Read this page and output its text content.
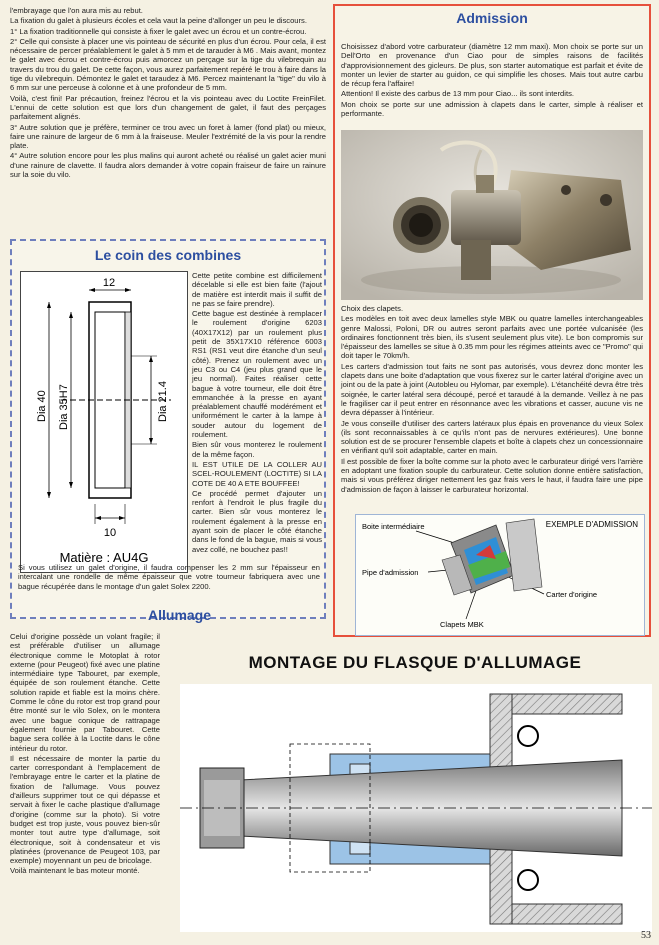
l'embrayage que l'on aura mis au rebut.

La fixation du galet à plusieurs écoles et cela vaut la peine d'allonger un peu le discours.

1° La fixation traditionnelle qui consiste à fixer le galet avec un écrou et un contre-écrou.

2° Celle qui consiste à placer une vis pointeau de sécurité en plus d'un écrou. Pour cela, il est nécessaire de percer préalablement le galet à 5 mm et de tarauder à M6 . Mais avant, montez le galet avec écrou et contre-écrou puis amorcez un perçage sur la tige du vilebrequin au travers du trou du galet. De cette façon, vous aurez parfaitement repéré le trou à faire dans la tige du vilebrequin. Démontez le galet et taraudez à M6. Percez maintenant la "tige" du vilo à 6 mm sur une perceuse à colonne et à une profondeur de 5 mm.

Voilà, c'est fini! Par précaution, freinez l'écrou et la vis pointeau avec du Loctite FreinFilet. L'ennui de cette solution est que lors d'un changement de galet, il faut des perçages parfaitement alignés.

3° Autre solution que je préfère, terminer ce trou avec un foret à lamer (fond plat) ou mieux, faire une rainure de largeur de 6 mm à la fraiseuse. Meuler l'extrémité de la vis pour la rendre plate.

4° Autre solution encore pour les plus malins qui auront acheté ou réalisé un galet acier muni d'une rainure de clavette. Il faudra alors demander à votre copain fraiseur de faire un rainure sur la soie du vilo.

Admission

Choisissez d'abord votre carburateur (diamètre 12 mm maxi). Mon choix se porte sur un Dell'Orto en provenance d'un Ciao pour de simples raisons de facilités d'approvisionnement des gicleurs. De plus, son starter automatique est parfait et évite de monter un levier de starter au guidon, ce qui simplifie les choses. Mais tout autre carbu de récup fera l'affaire!

Attention! Il existe des carbus de 13 mm pour Ciao... ils sont interdits.

Mon choix se porte sur une admission à clapets dans le carter, simple à réaliser et performante.

Choix des clapets.

Les modèles en toit avec deux lamelles style MBK ou quatre lamelles interchangeables genre Malossi, Poloni, DR ou autres seront parfaits avec une portée vulcanisée (les ordinaires fonctionnent très bien, ils s'usent seulement plus vite). Le bon compromis sur l'épaisseur des lamelles se situe à 0.35 mm pour les régimes atteints avec ce "Promo" qui doit taper le 70km/h.

Les carters d'admission tout faits ne sont pas autorisés, vous devrez donc monter les clapets dans une boite d'adaptation que vous fixerez sur le carter latéral d'origine avec un joint ou de la pate à joint (Autobleu ou Hylomar, par exemple). L'étanchéité devra être très soignée, le carter latéral sera découpé, percé et taraudé à la demande. Veillez à ne pas le fragiliser car il peut entrer en résonnance avec les vibrations et casser, aucune vis ne devra dépasser à l'intérieur.

Je vous conseille d'utiliser des carters latéraux plus épais en provenance du vieux Solex (ils sont reconnaissables à ce qu'ils n'ont pas de nervures extérieures). Une bonne solution est de se procurer l'ensemble clapets et boîte à clapets chez un concessionnaire en vérifiant qu'il soit adaptable, carter en main.

Il est possible de fixer la boîte comme sur la photo avec le carburateur dirigé vers l'arrière en adoptant une fixation souple du carburateur. Cette solution donne entière satisfaction, mais si vous préférez diriger nettement les gaz frais vers le haut, il faudra faire une pipe d'admission de façon à laisser le carburateur horizontal.

EXEMPLE D'ADMISSION
Boite intermédiaire
Pipe d'admission
Carter d'origine
Clapets MBK
Le coin des combines
12
Dia 40 Dia 35H7	Dia 21.4
10
Matière : AU4G

Cette petite combine est difficilement décelable si elle est bien faite (l'ajout de matière est interdit mais il suffit de ne pas se faire prendre).

Cette bague est destinée à remplacer le roulement d'origine 6203 (40X17X12) par un roulement plus petit de 35X17X10 référence 6003 RS1 (RS1 veut dire étanche d'un seul côté). Prenez un roulement avec un jeu C3 ou C4 (jeu plus grand que le jeu normal). Faites réaliser cette bague à votre tourneur, elle doit être emmanchée à la presse en ayant préalablement chauffé modérément et uniformément le carter à la lampe à souder autour du logement de roulement.

Bien sûr vous monterez le roulement de la même façon.

IL EST UTILE DE LA COLLER AU SCEL-ROULEMENT (LOCTITE) SI LA COTE DE 40 A ETE BOUFFEE!

Ce procédé permet d'ajouter un renfort à l'endroit le plus fragile du carter. Bien sûr vous monterez le roulement également à la presse en ayant soin de placer le côté étanche dans le fond de la bague, mais si vous avez collé, ne bouchez pas!!

Si vous utilisez un galet d'origine, il faudra compenser les 2 mm sur l'épaisseur en intercalant une rondelle de même épaisseur que votre tourneur fabriquera avec une bague récupérée dans le montage d'un galet Solex 2200.
Allumage

Celui d'origine possède un volant fragile; il est préférable d'utiliser un allumage électronique comme le Motoplat à rotor externe (pour Peugeot) fixé avec une platine intermédiaire type Tabouret, par exemple, équipée de son roulement étanche. Cette solution rapide et fiable est la moins chère. Comme le cône du rotor est trop grand pour être monté sur le vilo Solex, on le montera avec une bague conique de rattrapage également fournie par Tabouret. Cette bague sera collée à la Loctite dans le cône intérieur du rotor.

Il est nécessaire de monter la partie du carter correspondant à l'emplacement de l'embrayage entre le carter et la platine de fixation de l'allumage. Vous pouvez d'ailleurs supprimer tout ce qui dépasse et servait à fixer le cache plastique d'allumage d'origine (comme sur la photo). Si votre budget est trop juste, vous pouvez bien-sûr monter tout autre type d'allumage, soit électronique, soit à condensateur et vis platinées (provenance de Peugeot 103, par exemple) moyennant un peu de bricolage.

Voilà maintenant le bas moteur monté.

MONTAGE DU FLASQUE D'ALLUMAGE
53
